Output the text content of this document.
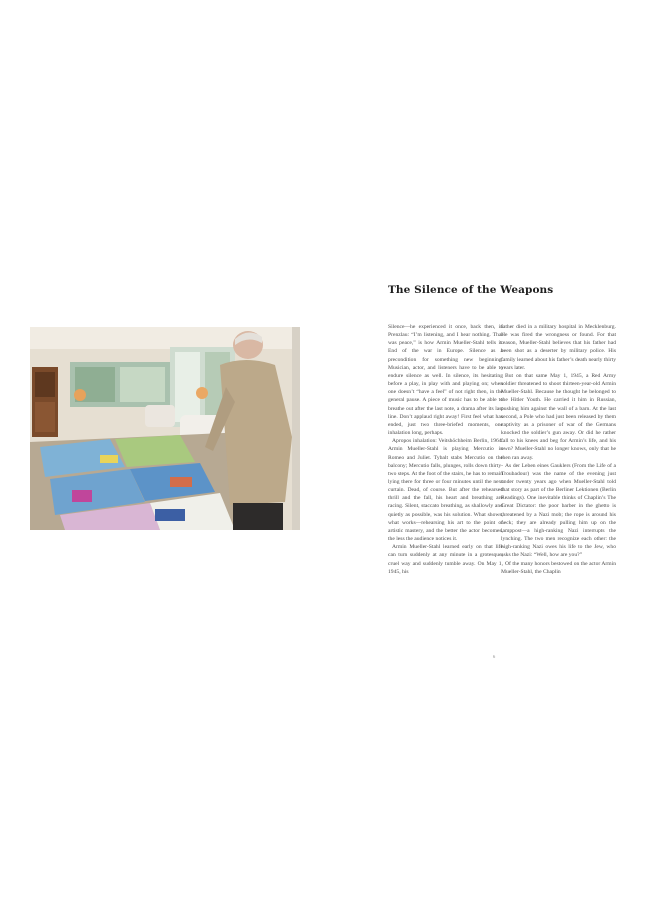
The Silence of the Weapons

Silence—he experienced it once, back then, in Prenzlau: “I’m listening, and I hear nothing. That was peace,” is how Armin Mueller-Stahl tells it. End of the war in Europe. Silence as a precondition for something new beginning. Musician, actor, and listeners have to be able to endure silence as well. In silence, its hesitating before a play, in play with and playing on; when one doesn’t “have a feel” of not right then, in the general pause. A piece of music has to be able to breathe out after the last note, a drama after its last line. Don’t applaud right away! First feel what has ended, just two three-briefed moments, one inhalation long, perhaps.

Apropos inhalation: Veitshöchheim Berlin, 1964. Armin Mueller-Stahl is playing Mercutio in Romeo and Juliet. Tybalt stabs Mercutio on the balcony; Mercutio falls, plunges, rolls down thirty-two steps. At the foot of the stairs, he has to remain lying there for three or four minutes until the next curtain. Dead, of course. But after the rehearsed thrill and the fall, his heart and breathing are racing. Silent, staccato breathing, as shallowly and quietly as possible, was his solution. What shows, what works—rehearsing his art to the point of artistic mastery, and the better the actor becomes, the less the audience notices it.

Armin Mueller-Stahl learned early on that life can turn suddenly at any minute in a grotesque, cruel way and suddenly tumble away. On May 1, 1945, his

father died in a military hospital in Mecklenburg. He was fired the wrongness or found. For that reason, Mueller-Stahl believes that his father had been shot as a deserter by military police. His family learned about his father’s death nearly thirty years later.

But on that same May 1, 1945, a Red Army soldier threatened to shoot thirteen-year-old Armin Mueller-Stahl. Because he thought he belonged to the Hitler Youth. He carried it him in Russian, pushing him against the wall of a barn. At the last second, a Pole who had just been released by them captivity as a prisoner of war of the Germans knocked the soldier’s gun away. Or did he rather fall to his knees and beg for Armin’s life, and his own? Mueller-Stahl no longer knows, only that he then ran away.

As der Leben eines Gauklers (From the Life of a Troubadour) was the name of the evening just under twenty years ago when Mueller-Stahl told that story as part of the Berliner Lektionen (Berlin Readings). One inevitable thinks of Chaplin’s The Great Dictator: the poor barber in the ghetto is threatened by a Nazi mob; the rope is around his neck; they are already pulling him up on the lamppost—a high-ranking Nazi interrupts the lynching. The two men recognize each other: the high-ranking Nazi owes his life to the Jew, who asks the Nazi: “Well, how are you?”

Of the many honors bestowed on the actor Armin Mueller-Stahl, the Chaplin

6
